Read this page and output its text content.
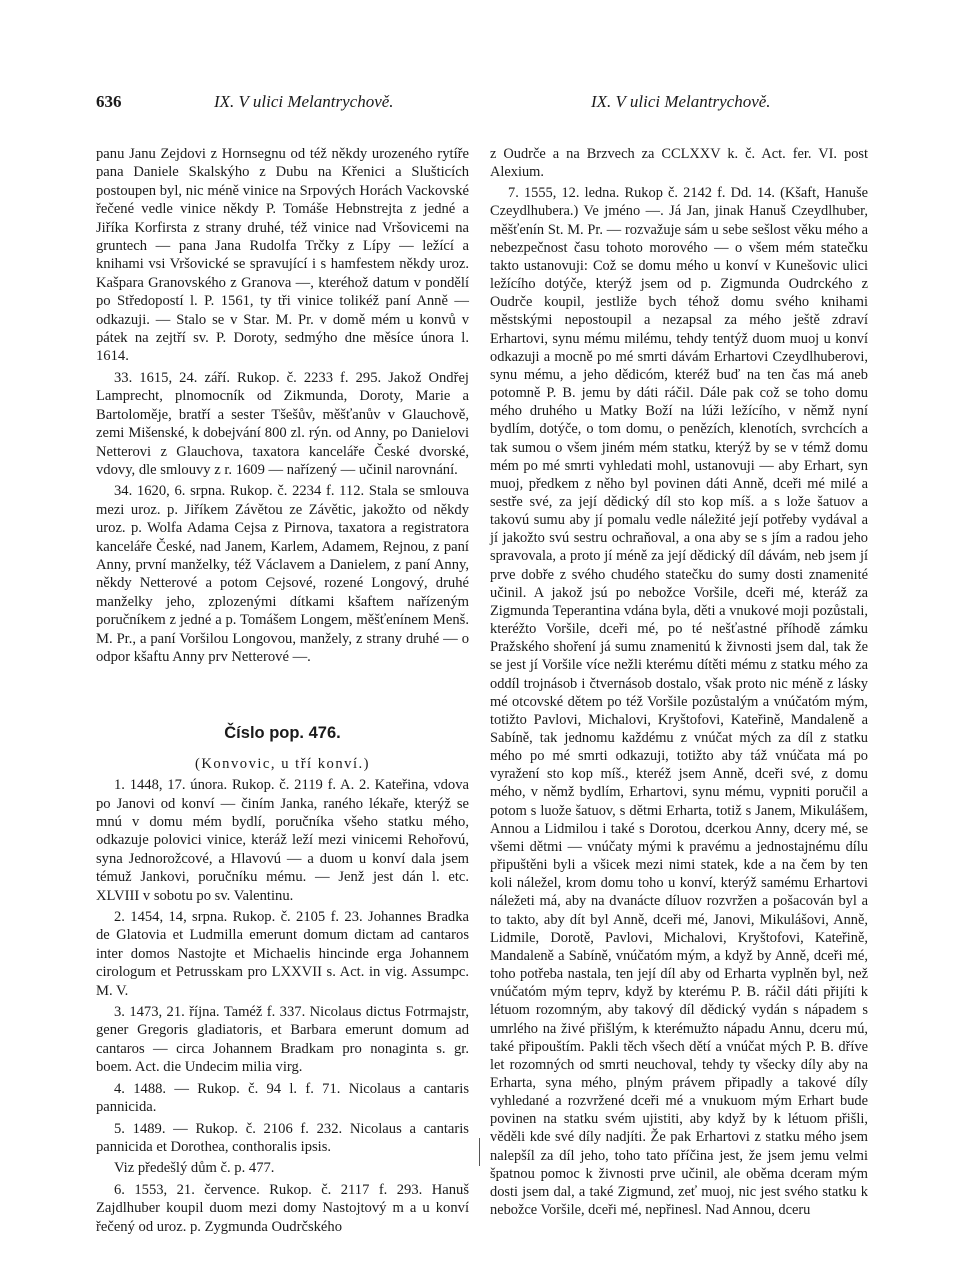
636	IX. V ulici Melantrychově.	IX. V ulici Melantrychově.

panu Janu Zejdovi z Hornsegnu od též někdy urozeného rytíře pana Daniele Skalskýho z Dubu na Křenici a Slušticích postoupen byl, nic méně vinice na Srpových Horách Vackovské řečené vedle vinice někdy P. Tomáše Hebnstrejta z jedné a Jiříka Korfirsta z strany druhé, též vinice nad Vršovicemi na gruntech — pana Jana Rudolfa Trčky z Lípy — ležící a knihami vsi Vršovické se spravující i s hamfestem někdy uroz. Kašpara Granovského z Granova —, kteréhož datum v pondělí po Středopostí l. P. 1561, ty tři vinice tolikéž paní Anně — odkazuji. — Stalo se v Star. M. Pr. v domě mém u konvů v pátek na zejtří sv. P. Doroty, sedmýho dne měsíce února l. 1614.

33. 1615, 24. září. Rukop. č. 2233 f. 295. Jakož Ondřej Lamprecht, plnomocník od Zikmunda, Doroty, Marie a Bartoloměje, bratří a sester Tšešův, měšťanův v Glauchově, zemi Mišenské, k dobejvání 800 zl. rýn. od Anny, po Danielovi Netterovi z Glauchova, taxatora kanceláře České dvorské, vdovy, dle smlouvy z r. 1609 — nařízený — učinil narovnání.

34. 1620, 6. srpna. Rukop. č. 2234 f. 112. Stala se smlouva mezi uroz. p. Jiříkem Závětou ze Závětic, jakožto od někdy uroz. p. Wolfa Adama Cejsa z Pirnova, taxatora a registratora kanceláře České, nad Janem, Karlem, Adamem, Rejnou, z paní Anny, první manželky, též Václavem a Danielem, z paní Anny, někdy Netterové a potom Cejsové, rozené Longový, druhé manželky jeho, zplozenými dítkami kšaftem nařízeným poručníkem z jedné a p. Tomášem Longem, měšťenínem Menš. M. Pr., a paní Voršilou Longovou, manžely, z strany druhé — o odpor kšaftu Anny prv Netterové —.

Číslo pop. 476.

(Konvovic, u tří konví.)

1. 1448, 17. února. Rukop. č. 2119 f. A. 2. Kateřina, vdova po Janovi od konví — činím Janka, raného lékaře, kterýž se mnú v domu mém bydlí, poručníka všeho statku mého, odkazuje polovici vinice, kteráž leží mezi vinicemi Rehořovú, syna Jednorožcové, a Hlavovú — a duom u konví dala jsem témuž Jankovi, poručníku mému. — Jenž jest dán l. etc. XLVIII v sobotu po sv. Valentinu.

2. 1454, 14, srpna. Rukop. č. 2105 f. 23. Johannes Bradka de Glatovia et Ludmilla emerunt domum dictam ad cantaros inter domos Nastojte et Michaelis hincinde erga Johannem cirologum et Petrusskam pro LXXVII s. Act. in vig. Assumpc. M. V.

3. 1473, 21. října. Taméž f. 337. Nicolaus dictus Fotrmajstr, gener Gregoris gladiatoris, et Barbara emerunt domum ad cantaros — circa Johannem Bradkam pro nonaginta s. gr. boem. Act. die Undecim milia virg.

4. 1488. — Rukop. č. 94 l. f. 71. Nicolaus a cantaris pannicida.

5. 1489. — Rukop. č. 2106 f. 232. Nicolaus a cantaris pannicida et Dorothea, conthoralis ipsis.

Viz předešlý dům č. p. 477.

6. 1553, 21. července. Rukop. č. 2117 f. 293. Hanuš Zajdlhuber koupil duom mezi domy Nastojtový m a u konví řečený od uroz. p. Zygmunda Oudrčského

z Oudrče a na Brzvech za CCLXXV k. č. Act. fer. VI. post Alexium.

7. 1555, 12. ledna. Rukop č. 2142 f. Dd. 14. (Kšaft, Hanuše Czeydlhubera.) Ve jméno —. Já Jan, jinak Hanuš Czeydlhuber, měšťenín St. M. Pr. — rozvažuje sám u sebe sešlost věku mého a nebezpečnost času tohoto morového — o všem mém statečku takto ustanovuji: Což se domu mého u konví v Kunešovic ulici ležícího dotýče, kterýž jsem od p. Zigmunda Oudrckého z Oudrče koupil, jestliže bych téhož domu svého knihami městskými nepostoupil a nezapsal za mého ještě zdraví Erhartovi, synu mému milému, tehdy tentýž duom muoj u konví odkazuji a mocně po mé smrti dávám Erhartovi Czeydlhuberovi, synu mému, a jeho dědicóm, kteréž buď na ten čas má aneb potomně P. B. jemu by dáti ráčil. Dále pak což se toho domu mého druhého u Matky Boží na lúži ležícího, v němž nyní bydlím, dotýče, o tom domu, o penězích, klenotích, svrchcích a tak sumou o všem jiném mém statku, kterýž by se v témž domu mém po mé smrti vyhledati mohl, ustanovuji — aby Erhart, syn muoj, předkem z něho byl povinen dáti Anně, dceři mé milé a sestře své, za její dědický díl sto kop míš. a s lože šatuov a takovú sumu aby jí pomalu vedle náležité její potřeby vydával a jí jakožto svú sestru ochraňoval, a ona aby se s jím a radou jeho spravovala, a proto jí méně za její dědický díl dávám, neb jsem jí prve dobře z svého chudého statečku do sumy dosti znamenité učinil. A jakož jsú po nebožce Voršile, dceři mé, kteráž za Zigmunda Teperantina vdána byla, děti a vnukové moji pozůstali, kteréžto Voršile, dceři mé, po té nešťastné příhodě zámku Pražského shoření já sumu znamenitú k živnosti jsem dal, tak že se jest jí Voršile více nežli kterému dítěti mému z statku mého za oddíl trojnásob i čtvernásob dostalo, však proto nic méně z lásky mé otcovské dětem po též Voršile pozůstalým a vnúčatóm mým, totižto Pavlovi, Michalovi, Kryštofovi, Kateřině, Mandaleně a Sabíně, tak jednomu každému z vnúčat mých za díl z statku mého po mé smrti odkazuji, totižto aby táž vnúčata má po vyražení sto kop míš., kteréž jsem Anně, dceři své, z domu mého, v němž bydlím, Erhartovi, synu mému, vypniti poručil a potom s luože šatuov, s dětmi Erharta, totiž s Janem, Mikulášem, Annou a Lidmilou i také s Dorotou, dcerkou Anny, dcery mé, se všemi dětmi — vnúčaty mými k pravému a jednostajnému dílu připuštěni byli a všicek mezi nimi statek, kde a na čem by ten koli náležel, krom domu toho u konví, kterýž samému Erhartovi náležeti má, aby na dvanácte díluov rozvržen a pošacován byl a to takto, aby dít byl Anně, dceři mé, Janovi, Mikulášovi, Anně, Lidmile, Dorotě, Pavlovi, Michalovi, Kryštofovi, Kateřině, Mandaleně a Sabíně, vnúčatóm mým, a když by Anně, dceři mé, toho potřeba nastala, ten její díl aby od Erharta vyplněn byl, než vnúčatóm mým teprv, když by kterému P. B. ráčil dáti přijíti k létuom rozomným, aby takový díl dědický vydán s nápadem s umrlého na živé přišlým, k kterémužto nápadu Annu, dceru mú, také připouštím. Pakli těch všech dětí a vnúčat mých P. B. dříve let rozomných od smrti neuchoval, tehdy ty všecky díly aby na Erharta, syna mého, plným právem připadly a takové díly vyhledané a rozvržené dceři mé a vnukuom mým Erhart bude povinen na statku svém ujistiti, aby když by k létuom přišli, věděli kde své díly nadjíti. Že pak Erhartovi z statku mého jsem nalepšíl za díl jeho, toho tato příčina jest, že jsem jemu velmi špatnou pomoc k živnosti prve učinil, ale oběma dceram mým dosti jsem dal, a také Zigmund, zeť muoj, nic jest svého statku k nebožce Voršile, dceři mé, nepřinesl. Nad Annou, dceru
